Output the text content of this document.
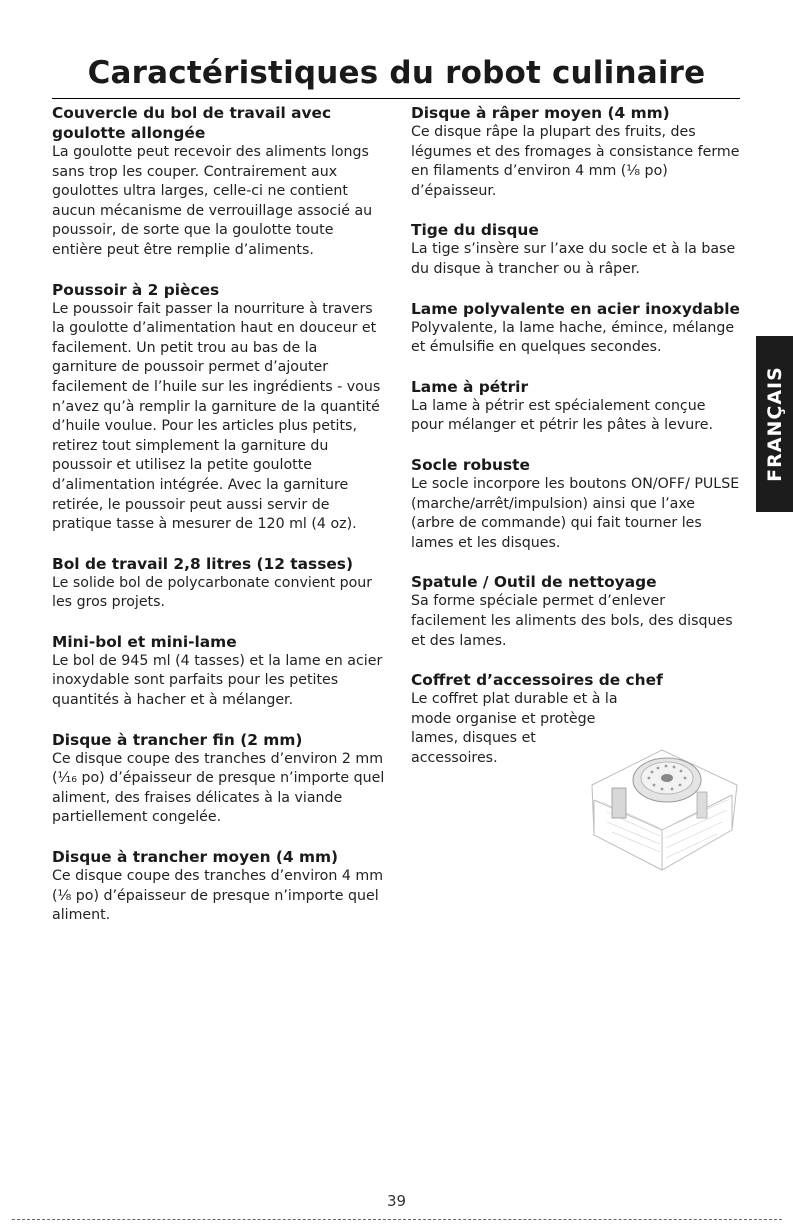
Caractéristiques du robot culinaire
Couvercle du bol de travail avec goulotte allongée

La goulotte peut recevoir des aliments longs sans trop les couper. Contrairement aux goulottes ultra larges, celle-ci ne contient aucun mécanisme de verrouillage associé au poussoir, de sorte que la goulotte toute entière peut être remplie d’aliments.

Poussoir à 2 pièces

Le poussoir fait passer la nourriture à travers la goulotte d’alimentation haut en douceur et facilement. Un petit trou au bas de la garniture de poussoir permet d’ajouter facilement de l’huile sur les ingrédients - vous n’avez qu’à remplir la garniture de la quantité d’huile voulue. Pour les articles plus petits, retirez tout simplement la garniture du poussoir et utilisez la petite goulotte d’alimentation intégrée. Avec la garniture retirée, le poussoir peut aussi servir de pratique tasse à mesurer de 120 ml (4 oz).

Bol de travail 2,8 litres (12 tasses)

Le solide bol de polycarbonate convient pour les gros projets.

Mini-bol et mini-lame

Le bol de 945 ml (4 tasses) et la lame en acier inoxydable sont parfaits pour les petites quantités à hacher et à mélanger.

Disque à trancher fin (2 mm)

Ce disque coupe des tranches d’environ 2 mm (¹⁄₁₆ po) d’épaisseur de presque n’importe quel aliment, des fraises délicates à la viande partiellement congelée.

Disque à trancher moyen (4 mm)

Ce disque coupe des tranches d’environ 4 mm (¹⁄₈ po) d’épaisseur de presque n’importe quel aliment.

Disque à râper moyen (4 mm)

Ce disque râpe la plupart des fruits, des légumes et des fromages à consistance ferme en filaments d’environ 4 mm (¹⁄₈ po) d’épaisseur.

Tige du disque

La tige s’insère sur l’axe du socle et à la base du disque à trancher ou à râper.

Lame polyvalente en acier inoxydable

Polyvalente, la lame hache, émince, mélange et émulsifie en quelques secondes.

Lame à pétrir

La lame à pétrir est spécialement conçue pour mélanger et pétrir les pâtes à levure.

Socle robuste

Le socle incorpore les boutons ON/OFF/ PULSE (marche/arrêt/impulsion) ainsi que l’axe (arbre de commande) qui fait tourner les lames et les disques.

Spatule / Outil de nettoyage

Sa forme spéciale permet d’enlever facilement les aliments des bols, des disques et des lames.

Coffret d’accessoires de chef

Le coffret plat durable et à la mode organise et protège lames, disques et accessoires.

FRANÇAIS
39
